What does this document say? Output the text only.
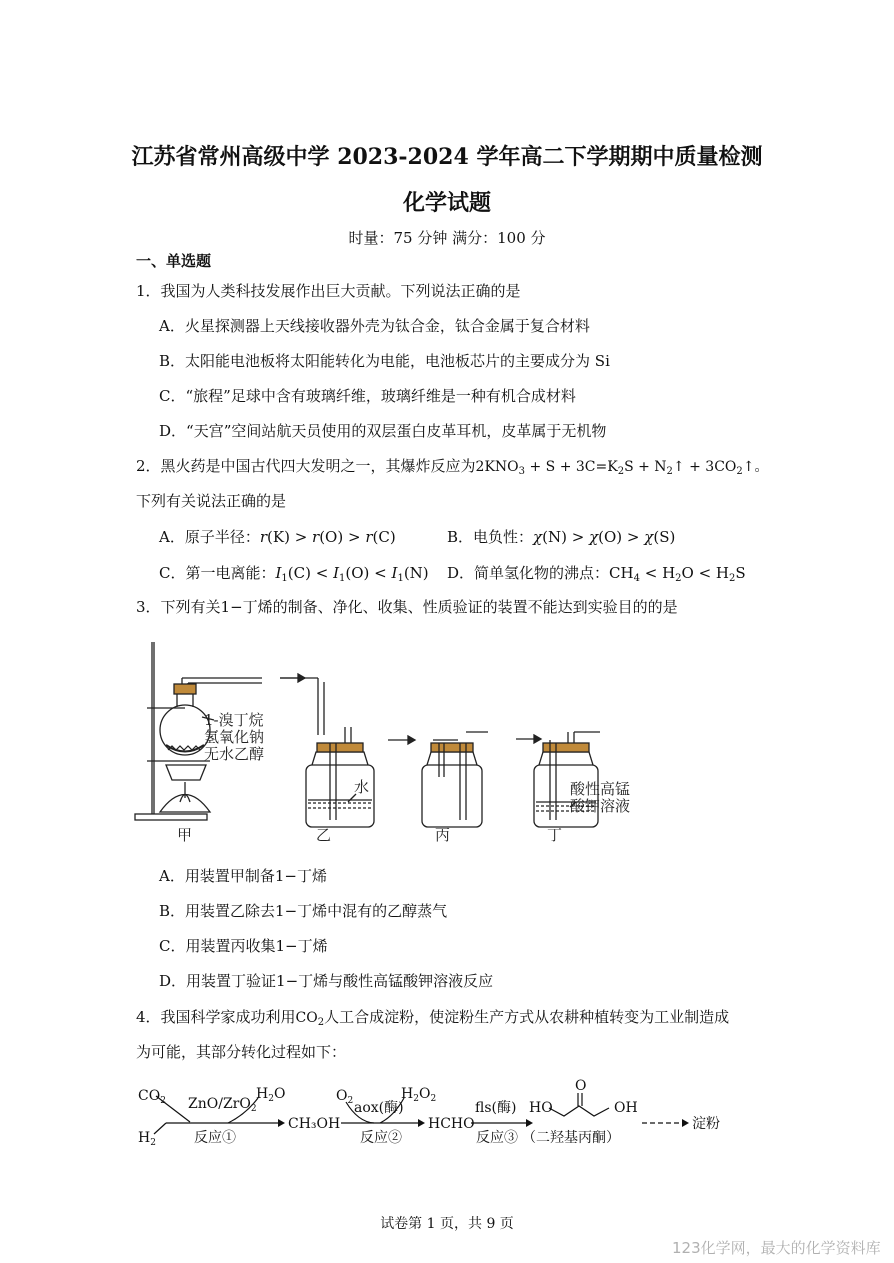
江苏省常州高级中学 2023-2024 学年高二下学期期中质量检测
化学试题
时量：75 分钟 满分：100 分
一、单选题
1．我国为人类科技发展作出巨大贡献。下列说法正确的是
A．火星探测器上天线接收器外壳为钛合金，钛合金属于复合材料
B．太阳能电池板将太阳能转化为电能，电池板芯片的主要成分为 Si
C．“旅程”足球中含有玻璃纤维，玻璃纤维是一种有机合成材料
D．“天宫”空间站航天员使用的双层蛋白皮革耳机，皮革属于无机物
2．黑火药是中国古代四大发明之一，其爆炸反应为$2KNO_3 + S + 3C=K_2S$ + $N_2↑$ + $3CO_2↑$。
下列有关说法正确的是
A．原子半径：r(K) > r(O) > r(C)	B．电负性：χ(N) > χ(O) > χ(S)
C．第一电离能：$I_1(C) < I_1(O) < I_1(N)$ D．简单氢化物的沸点：$CH_4 < H_2O < H_2S$
3．下列有关1−丁烯的制备、净化、收集、性质验证的装置不能达到实验目的的是
1-溴丁烷
氢氧化钠
无水乙醇
水	酸性高锰
酸钾溶液
甲	乙	丙	丁
A．用装置甲制备1−丁烯
B．用装置乙除去1−丁烯中混有的乙醇蒸气
C．用装置丙收集1−丁烯
D．用装置丁验证1−丁烯与酸性高锰酸钾溶液反应
4．我国科学家成功利用$CO_2$人工合成淀粉，使淀粉生产方式从农耕种植转变为工业制造成
为可能，其部分转化过程如下：
$CO_2$
$H_2$
ZnO/ZrO$_2$
$H_2O$
CH₃OH
$O_2$ aox(酶)
$H_2O_2$
HCHO
fls(酶) HO
O
OH
（二羟基丙酮）
淀粉
反应①	反应②	反应③
试卷第 1 页，共 9 页
123化学网，最大的化学资料库
